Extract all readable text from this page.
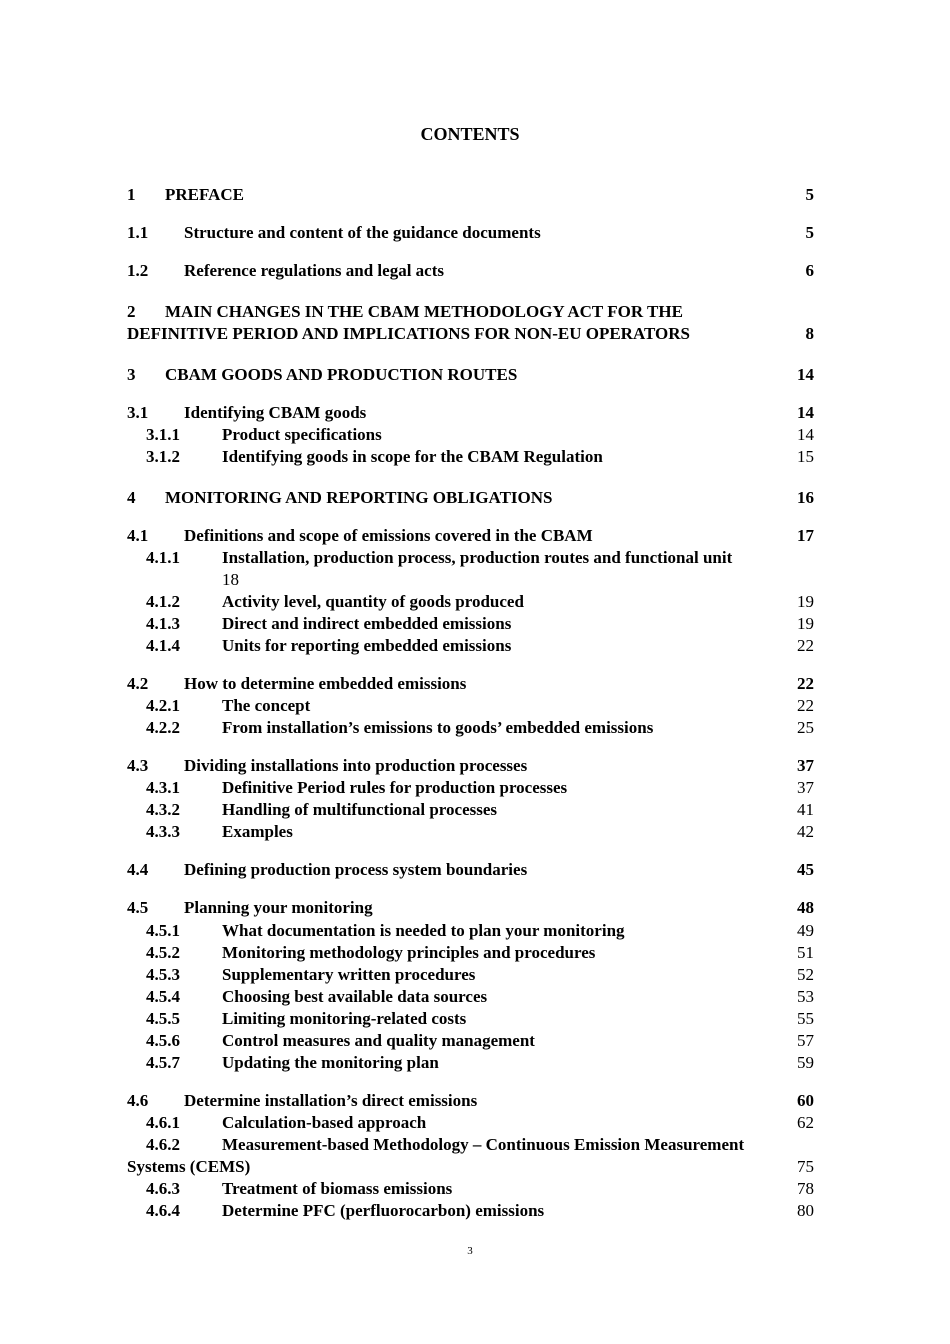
CONTENTS
1 PREFACE	5
1.1 Structure and content of the guidance documents	5
1.2 Reference regulations and legal acts	6
2 MAIN CHANGES IN THE CBAM METHODOLOGY ACT FOR THE
DEFINITIVE PERIOD AND IMPLICATIONS FOR NON-EU OPERATORS	8
3 CBAM GOODS AND PRODUCTION ROUTES	14
3.1 Identifying CBAM goods	14
3.1.1 Product specifications	14
3.1.2 Identifying goods in scope for the CBAM Regulation	15
4 MONITORING AND REPORTING OBLIGATIONS	16
4.1 Definitions and scope of emissions covered in the CBAM	17
4.1.1 Installation, production process, production routes and functional unit
18
4.1.2 Activity level, quantity of goods produced	19
4.1.3 Direct and indirect embedded emissions	19
4.1.4 Units for reporting embedded emissions	22
4.2 How to determine embedded emissions	22
4.2.1 The concept	22
4.2.2 From installation’s emissions to goods’ embedded emissions	25
4.3 Dividing installations into production processes	37
4.3.1 Definitive Period rules for production processes	37
4.3.2 Handling of multifunctional processes	41
4.3.3 Examples	42
4.4 Defining production process system boundaries	45
4.5 Planning your monitoring	48
4.5.1 What documentation is needed to plan your monitoring	49
4.5.2 Monitoring methodology principles and procedures	51
4.5.3 Supplementary written procedures	52
4.5.4 Choosing best available data sources	53
4.5.5 Limiting monitoring-related costs	55
4.5.6 Control measures and quality management	57
4.5.7 Updating the monitoring plan	59
4.6 Determine installation’s direct emissions	60
4.6.1 Calculation-based approach	62
4.6.2 Measurement-based Methodology – Continuous Emission Measurement
Systems (CEMS)	75
4.6.3 Treatment of biomass emissions	78
4.6.4 Determine PFC (perfluorocarbon) emissions	80
3
